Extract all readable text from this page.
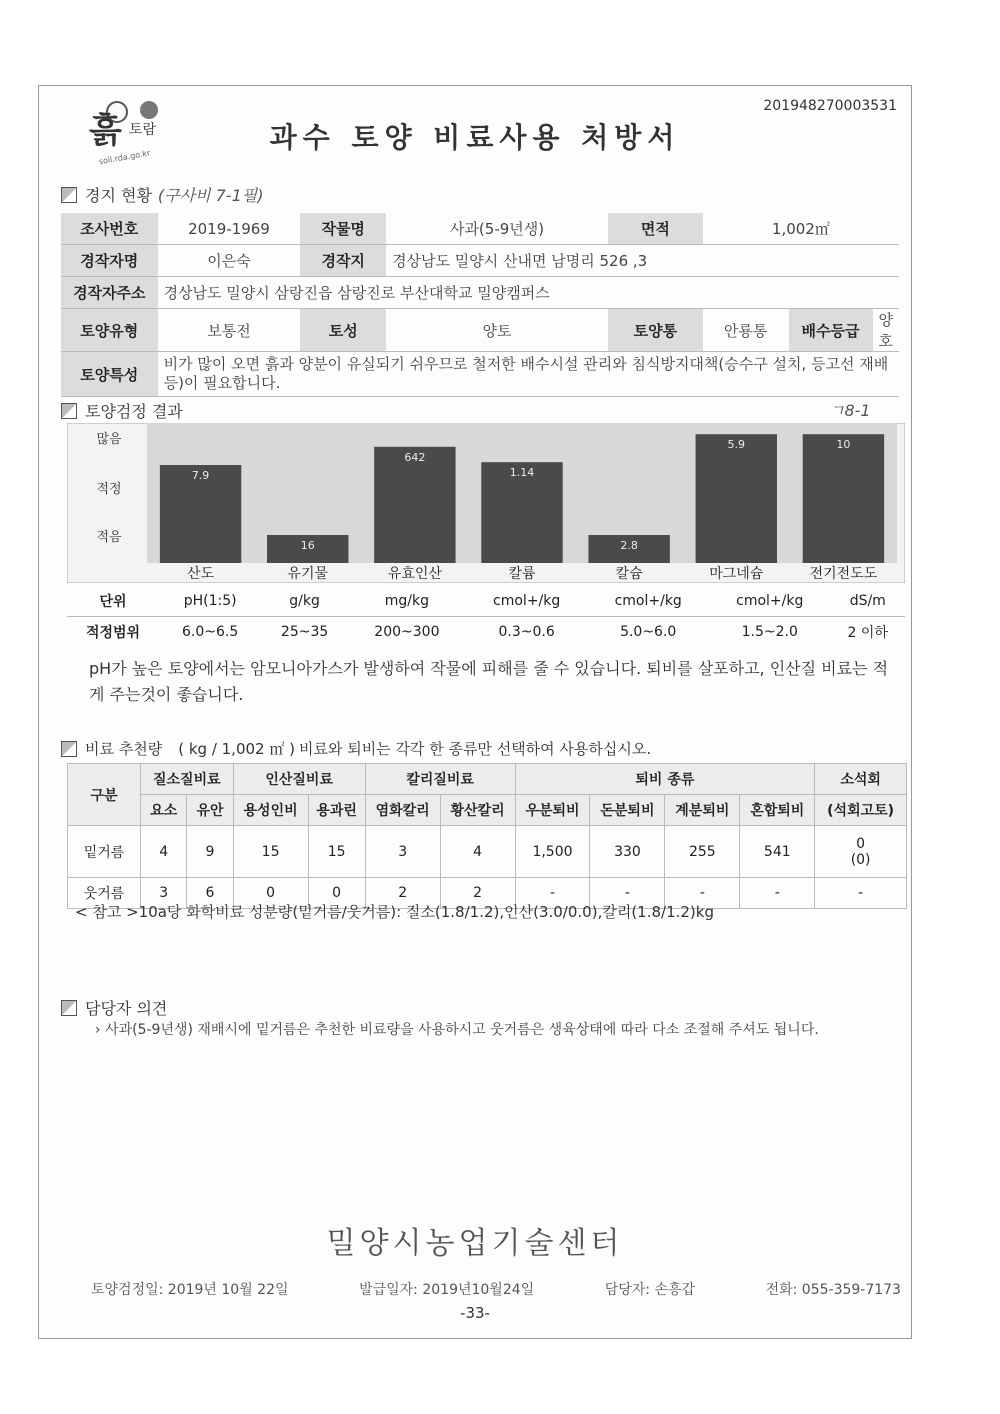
201948270003531
흙 토람
soil.rda.go.kr
과수 토양 비료사용 처방서
경지 현황 (구사비 7-1필)
조사번호	2019-1969	작물명	사과(5-9년생)	면적	1,002㎡		
경작자명	이은숙	경작지	경상남도 밀양시 산내면 남명리 526 ,3				
경작자주소	경상남도 밀양시 삼랑진읍 삼랑진로 부산대학교 밀양캠퍼스						
토양유형	보통전	토성	양토	토양통	안룡통	배수등급	양호
토양특성	비가 많이 오면 흙과 양분이 유실되기 쉬우므로 철저한 배수시설 관리와 침식방지대책(승수구 설치, 등고선 재배등)이 필요합니다.						
토양검정 결과	ㄱ8-1
많음
적정
적음
7.9
16
642
1.14
2.8
5.9	10
산도	유기물	유효인산	칼륨	칼슘	마그네슘	전기전도도
단위	pH(1:5)	g/kg	mg/kg	cmol+/kg	cmol+/kg	cmol+/kg	dS/m
적정범위	6.0~6.5	25~35	200~300	0.3~0.6	5.0~6.0	1.5~2.0	2 이하
pH가 높은 토양에서는 암모니아가스가 발생하여 작물에 피해를 줄 수 있습니다. 퇴비를 살포하고, 인산질 비료는 적게 주는것이 좋습니다.
비료 추천량 ( kg / 1,002 ㎡ ) 비료와 퇴비는 각각 한 종류만 선택하여 사용하십시오.
구분	질소질비료		인산질비료		칼리질비료		퇴비 종류				소석회
	요소	유안	용성인비	용과린	염화칼리	황산칼리	우분퇴비	돈분퇴비	계분퇴비	혼합퇴비	(석회고토)
밑거름	4	9	15	15	3	4	1,500	330	255	541	0
(0)
웃거름	3	6	0	0	2	2	-	-	-	-	-
< 참고 >10a당 화학비료 성분량(밑거름/웃거름): 질소(1.8/1.2),인산(3.0/0.0),칼리(1.8/1.2)kg
담당자 의견
› 사과(5-9년생) 재배시에 밑거름은 추천한 비료량을 사용하시고 웃거름은 생육상태에 따라 다소 조절해 주셔도 됩니다.
밀양시농업기술센터
토양검정일: 2019년 10월 22일	발급일자: 2019년10월24일	담당자: 손흥갑	전화: 055-359-7173
-33-
